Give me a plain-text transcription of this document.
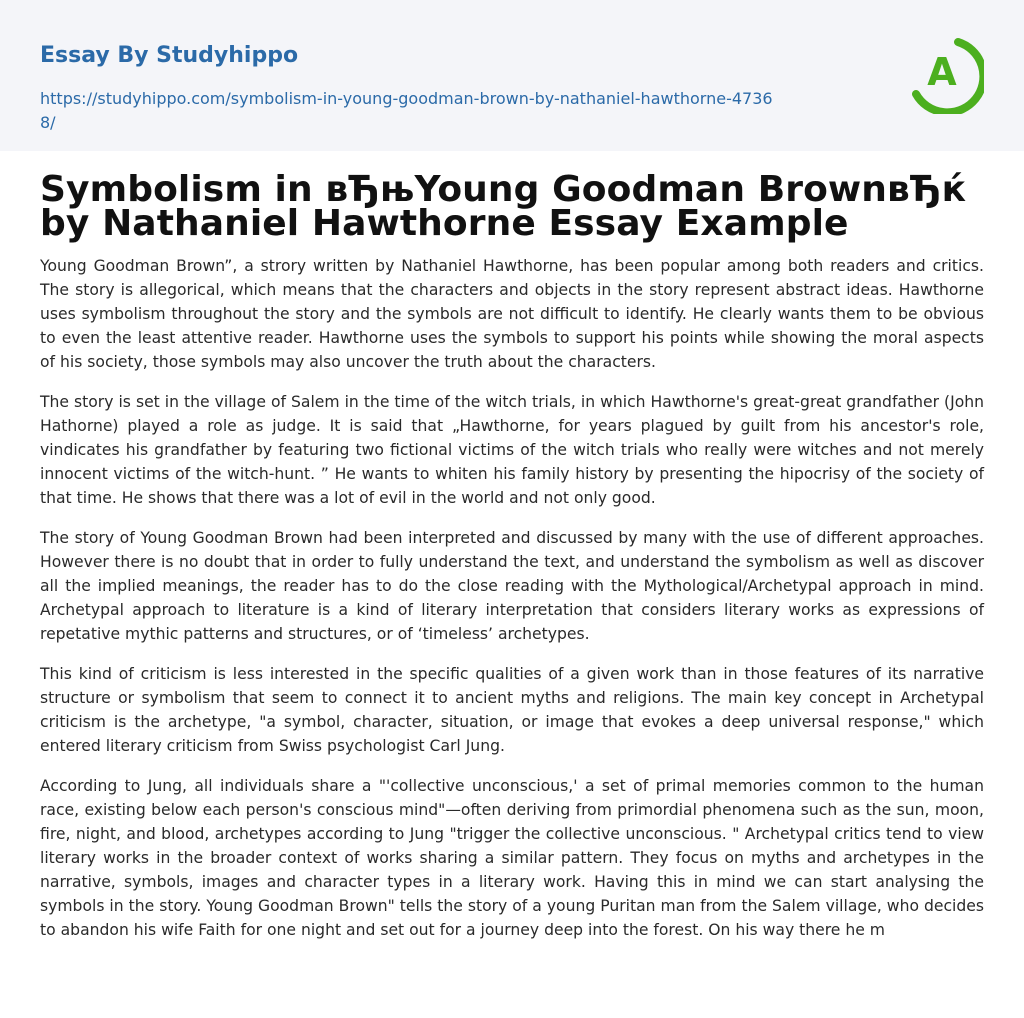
Essay By Studyhippo
https://studyhippo.com/symbolism-in-young-goodman-brown-by-nathaniel-hawthorne-47368/
A
Symbolism in вЂњYoung Goodman BrownвЂќ by Nathaniel Hawthorne Essay Example

Young Goodman Brown”, a strory written by Nathaniel Hawthorne, has been popular among both readers and critics. The story is allegorical, which means that the characters and objects in the story represent abstract ideas. Hawthorne uses symbolism throughout the story and the symbols are not difficult to identify. He clearly wants them to be obvious to even the least attentive reader. Hawthorne uses the symbols to support his points while showing the moral aspects of his society, those symbols may also uncover the truth about the characters.

The story is set in the village of Salem in the time of the witch trials, in which Hawthorne's great-great grandfather (John Hathorne) played a role as judge. It is said that „Hawthorne, for years plagued by guilt from his ancestor's role, vindicates his grandfather by featuring two fictional victims of the witch trials who really were witches and not merely innocent victims of the witch-hunt. ” He wants to whiten his family history by presenting the hipocrisy of the society of that time. He shows that there was a lot of evil in the world and not only good.

The story of Young Goodman Brown had been interpreted and discussed by many with the use of different approaches. However there is no doubt that in order to fully understand the text, and understand the symbolism as well as discover all the implied meanings, the reader has to do the close reading with the Mythological/Archetypal approach in mind. Archetypal approach to literature is a kind of literary interpretation that considers literary works as expressions of repetative mythic patterns and structures, or of ‘timeless’ archetypes.

This kind of criticism is less interested in the specific qualities of a given work than in those features of its narrative structure or symbolism that seem to connect it to ancient myths and religions. The main key concept in Archetypal criticism is the archetype, "a symbol, character, situation, or image that evokes a deep universal response," which entered literary criticism from Swiss psychologist Carl Jung.

According to Jung, all individuals share a "'collective unconscious,' a set of primal memories common to the human race, existing below each person's conscious mind"—often deriving from primordial phenomena such as the sun, moon, fire, night, and blood, archetypes according to Jung "trigger the collective unconscious. " Archetypal critics tend to view literary works in the broader context of works sharing a similar pattern. They focus on myths and archetypes in the narrative, symbols, images and character types in a literary work. Having this in mind we can start analysing the symbols in the story. Young Goodman Brown" tells the story of a young Puritan man from the Salem village, who decides to abandon his wife Faith for one night and set out for a journey deep into the forest. On his way there he m
